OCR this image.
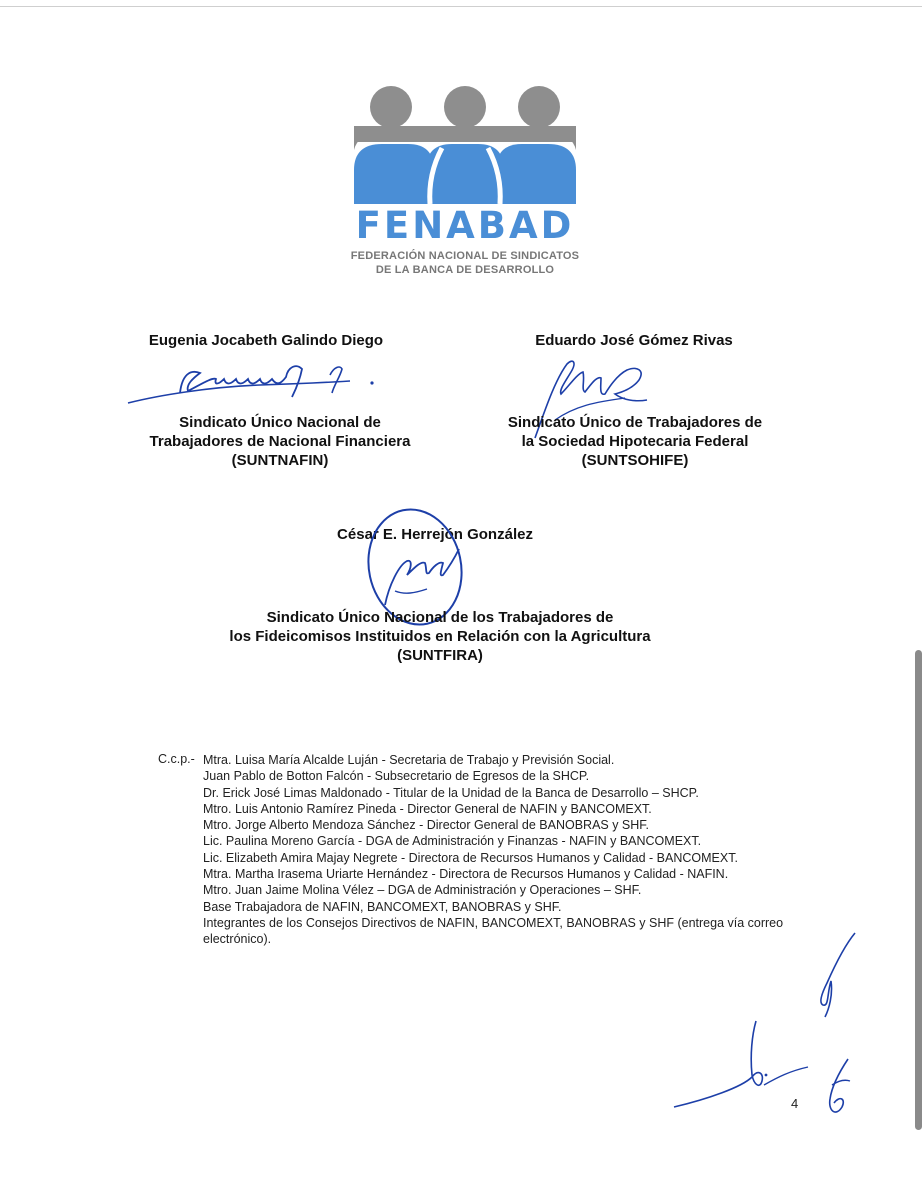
FENABAD
FEDERACIÓN NACIONAL DE SINDICATOS
DE LA BANCA DE DESARROLLO
Eugenia Jocabeth Galindo Diego
Sindicato Único Nacional de
Trabajadores de Nacional Financiera
(SUNTNAFIN)
Eduardo José Gómez Rivas
Sindicato Único de Trabajadores de
la Sociedad Hipotecaria Federal
(SUNTSOHIFE)
César E. Herrejón González
Sindicato Único Nacional de los Trabajadores de
los Fideicomisos Instituidos en Relación con la Agricultura
(SUNTFIRA)
C.c.p.- Mtra. Luisa María Alcalde Luján - Secretaria de Trabajo y Previsión Social.
Juan Pablo de Botton Falcón - Subsecretario de Egresos de la SHCP.
Dr. Erick José Limas Maldonado - Titular de la Unidad de la Banca de Desarrollo – SHCP.
Mtro. Luis Antonio Ramírez Pineda - Director General de NAFIN y BANCOMEXT.
Mtro. Jorge Alberto Mendoza Sánchez - Director General de BANOBRAS y SHF.
Lic. Paulina Moreno García - DGA de Administración y Finanzas - NAFIN y BANCOMEXT.
Lic. Elizabeth Amira Majay Negrete - Directora de Recursos Humanos y Calidad - BANCOMEXT.
Mtra. Martha Irasema Uriarte Hernández - Directora de Recursos Humanos y Calidad - NAFIN.
Mtro. Juan Jaime Molina Vélez – DGA de Administración y Operaciones – SHF.
Base Trabajadora de NAFIN, BANCOMEXT, BANOBRAS y SHF.
Integrantes de los Consejos Directivos de NAFIN, BANCOMEXT, BANOBRAS y SHF (entrega vía correo electrónico).
4
